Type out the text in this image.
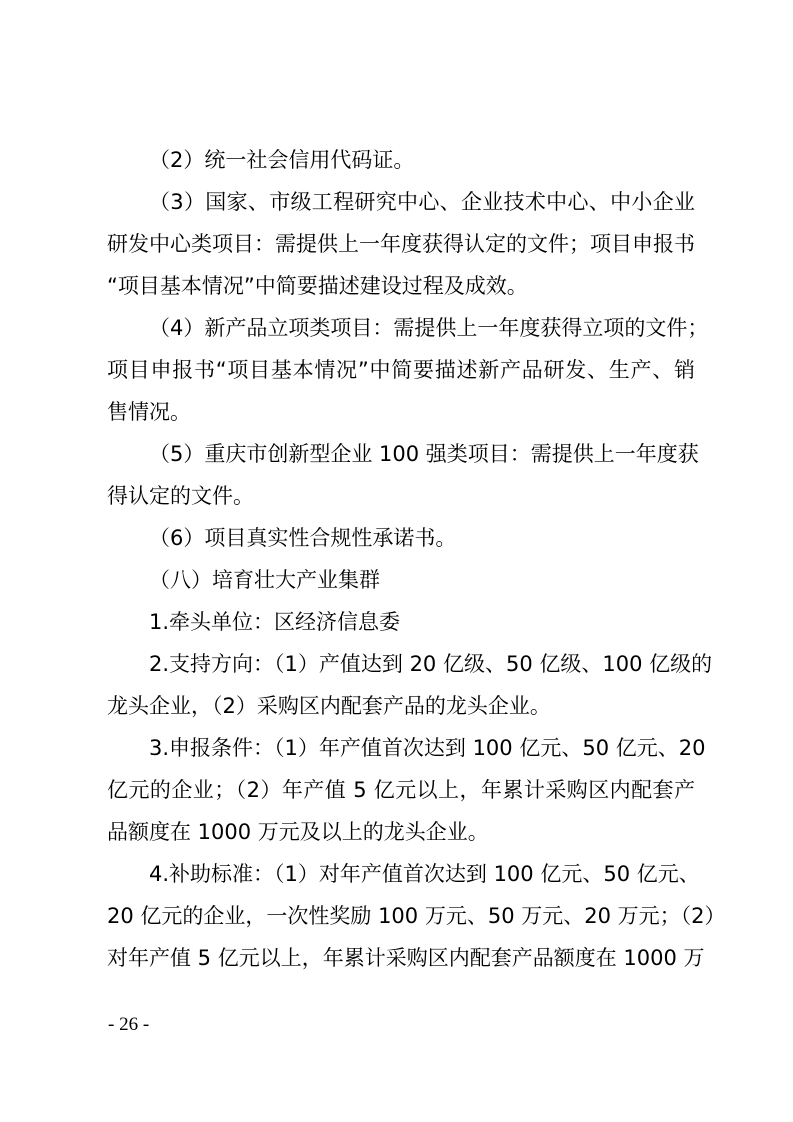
（2）统一社会信用代码证。
（3）国家、市级工程研究中心、企业技术中心、中小企业
研发中心类项目：需提供上一年度获得认定的文件；项目申报书
“项目基本情况”中简要描述建设过程及成效。
（4）新产品立项类项目：需提供上一年度获得立项的文件；
项目申报书“项目基本情况”中简要描述新产品研发、生产、销
售情况。
（5）重庆市创新型企业 100 强类项目：需提供上一年度获
得认定的文件。
（6）项目真实性合规性承诺书。
（八）培育壮大产业集群
1.牵头单位：区经济信息委
2.支持方向：（1）产值达到 20 亿级、50 亿级、100 亿级的
龙头企业，（2）采购区内配套产品的龙头企业。
3.申报条件：（1）年产值首次达到 100 亿元、50 亿元、20
亿元的企业；（2）年产值 5 亿元以上，年累计采购区内配套产
品额度在 1000 万元及以上的龙头企业。
4.补助标准：（1）对年产值首次达到 100 亿元、50 亿元、
20 亿元的企业，一次性奖励 100 万元、50 万元、20 万元；（2）
对年产值 5 亿元以上，年累计采购区内配套产品额度在 1000 万
- 26 -
